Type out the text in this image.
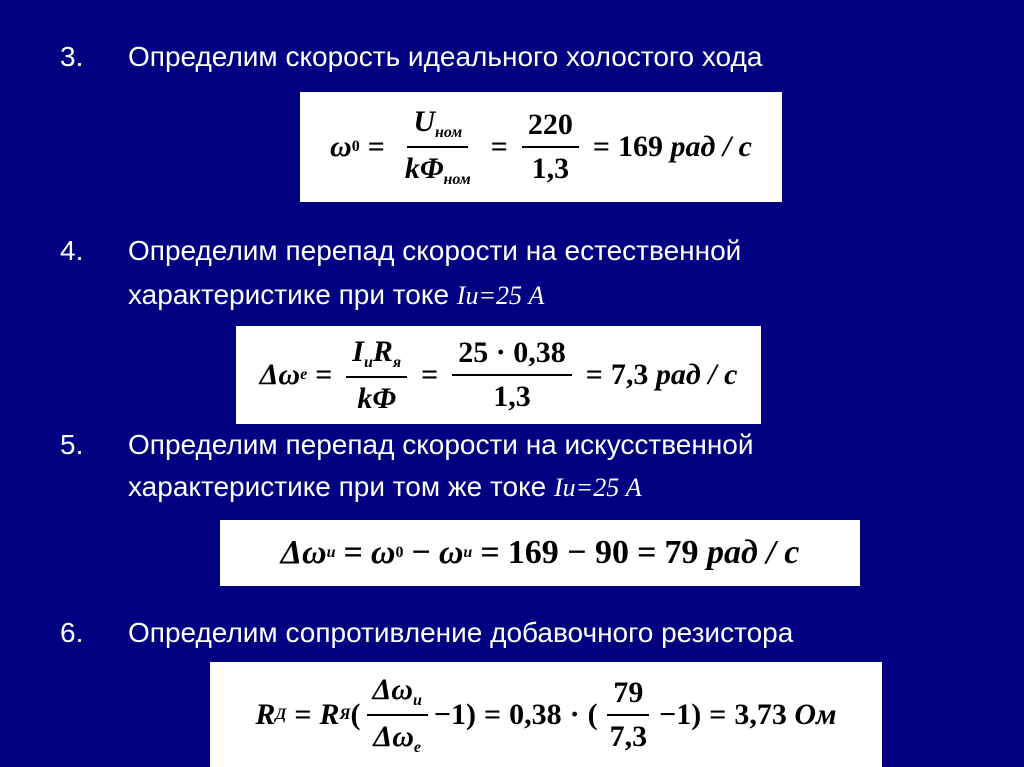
3.	Определим скорость идеального холостого хода
ω $0 = \frac{U_{ном}}{k\Phi_{ном}} = \frac{220}{1,3} = 169$
рад / с
4.	Определим перепад скорости на естественной
характеристике при токе Iи=25 А
Δω $е = \frac{I_иR_я}{k\Phi} = \frac{25 \cdot 0,38}{1,3} = 7,3$
рад / с
5.	Определим перепад скорости на искусственной
характеристике при том же токе Iи=25 А
Δω и = ω 0 − ω и = 169 − 90 = 79
рад / с
6.	Определим сопротивление добавочного резистора
R Д = R Я ( $\frac{\Delta\omega_и}{\Delta\omega_е} -1$ ) = 0,38 · ( $\frac{79}{7,3} -1$ ) = 3,73
Ом
